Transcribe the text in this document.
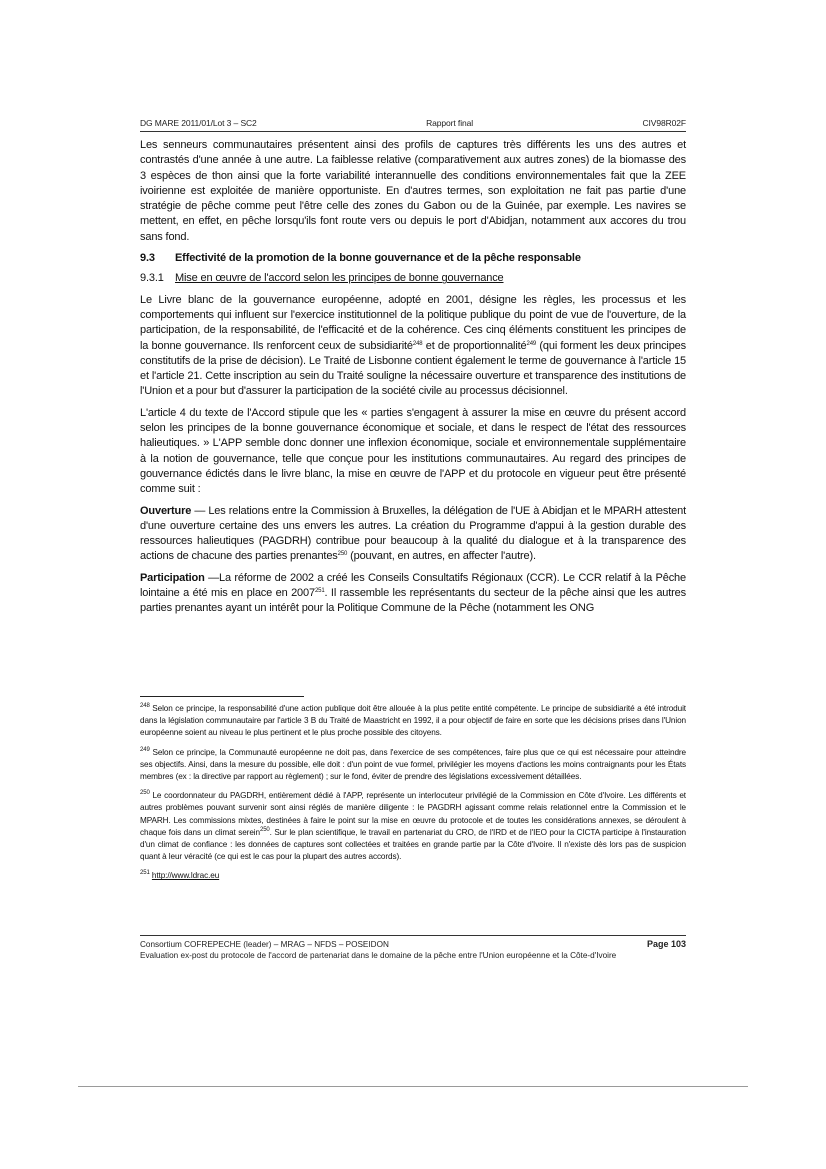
DG MARE 2011/01/Lot 3 – SC2	Rapport final	CIV98R02F

Les senneurs communautaires présentent ainsi des profils de captures très différents les uns des autres et contrastés d'une année à une autre. La faiblesse relative (comparativement aux autres zones) de la biomasse des 3 espèces de thon ainsi que la forte variabilité interannuelle des conditions environnementales fait que la ZEE ivoirienne est exploitée de manière opportuniste. En d'autres termes, son exploitation ne fait pas partie d'une stratégie de pêche comme peut l'être celle des zones du Gabon ou de la Guinée, par exemple. Les navires se mettent, en effet, en pêche lorsqu'ils font route vers ou depuis le port d'Abidjan, notamment aux accores du trou sans fond.

9.3	Effectivité de la promotion de la bonne gouvernance et de la pêche responsable
9.3.1	Mise en œuvre de l'accord selon les principes de bonne gouvernance

Le Livre blanc de la gouvernance européenne, adopté en 2001, désigne les règles, les processus et les comportements qui influent sur l'exercice institutionnel de la politique publique du point de vue de l'ouverture, de la participation, de la responsabilité, de l'efficacité et de la cohérence. Ces cinq éléments constituent les principes de la bonne gouvernance. Ils renforcent ceux de subsidiarité$^{248}$ et de proportionnalité$^{249}$ (qui forment les deux principes constitutifs de la prise de décision). Le Traité de Lisbonne contient également le terme de gouvernance à l'article 15 et l'article 21. Cette inscription au sein du Traité souligne la nécessaire ouverture et transparence des institutions de l'Union et a pour but d'assurer la participation de la société civile au processus décisionnel.

L'article 4 du texte de l'Accord stipule que les « parties s'engagent à assurer la mise en œuvre du présent accord selon les principes de la bonne gouvernance économique et sociale, et dans le respect de l'état des ressources halieutiques. » L'APP semble donc donner une inflexion économique, sociale et environnementale supplémentaire à la notion de gouvernance, telle que conçue pour les institutions communautaires. Au regard des principes de gouvernance édictés dans le livre blanc, la mise en œuvre de l'APP et du protocole en vigueur peut être présenté comme suit :

Ouverture — Les relations entre la Commission à Bruxelles, la délégation de l'UE à Abidjan et le MPARH attestent d'une ouverture certaine des uns envers les autres. La création du Programme d'appui à la gestion durable des ressources halieutiques (PAGDRH) contribue pour beaucoup à la qualité du dialogue et à la transparence des actions de chacune des parties prenantes$^{250}$ (pouvant, en autres, en affecter l'autre).

Participation —La réforme de 2002 a créé les Conseils Consultatifs Régionaux (CCR). Le CCR relatif à la Pêche lointaine a été mis en place en 2007$^{251}$. Il rassemble les représentants du secteur de la pêche ainsi que les autres parties prenantes ayant un intérêt pour la Politique Commune de la Pêche (notamment les ONG

$^{248}$ Selon ce principe, la responsabilité d'une action publique doit être allouée à la plus petite entité compétente. Le principe de subsidiarité a été introduit dans la législation communautaire par l'article 3 B du Traité de Maastricht en 1992, il a pour objectif de faire en sorte que les décisions prises dans l'Union européenne soient au niveau le plus pertinent et le plus proche possible des citoyens.

$^{249}$ Selon ce principe, la Communauté européenne ne doit pas, dans l'exercice de ses compétences, faire plus que ce qui est nécessaire pour atteindre ses objectifs. Ainsi, dans la mesure du possible, elle doit : d'un point de vue formel, privilégier les moyens d'actions les moins contraignants pour les États membres (ex : la directive par rapport au règlement) ; sur le fond, éviter de prendre des législations excessivement détaillées.

$^{250}$ Le coordonnateur du PAGDRH, entièrement dédié à l'APP, représente un interlocuteur privilégié de la Commission en Côte d'Ivoire. Les différents et autres problèmes pouvant survenir sont ainsi réglés de manière diligente : le PAGDRH agissant comme relais relationnel entre la Commission et le MPARH. Les commissions mixtes, destinées à faire le point sur la mise en œuvre du protocole et de toutes les considérations annexes, se déroulent à chaque fois dans un climat serein$^{250}$. Sur le plan scientifique, le travail en partenariat du CRO, de l'IRD et de l'IEO pour la CICTA participe à l'instauration d'un climat de confiance : les données de captures sont collectées et traitées en grande partie par la Côte d'Ivoire. Il n'existe dès lors pas de suspicion quant à leur véracité (ce qui est le cas pour la plupart des autres accords).

$^{251}$ http://www.ldrac.eu

Consortium COFREPECHE (leader) – MRAG – NFDS – POSEIDON	Page 103
Evaluation ex-post du protocole de l'accord de partenariat dans le domaine de la pêche entre l'Union européenne et la Côte-d'Ivoire
